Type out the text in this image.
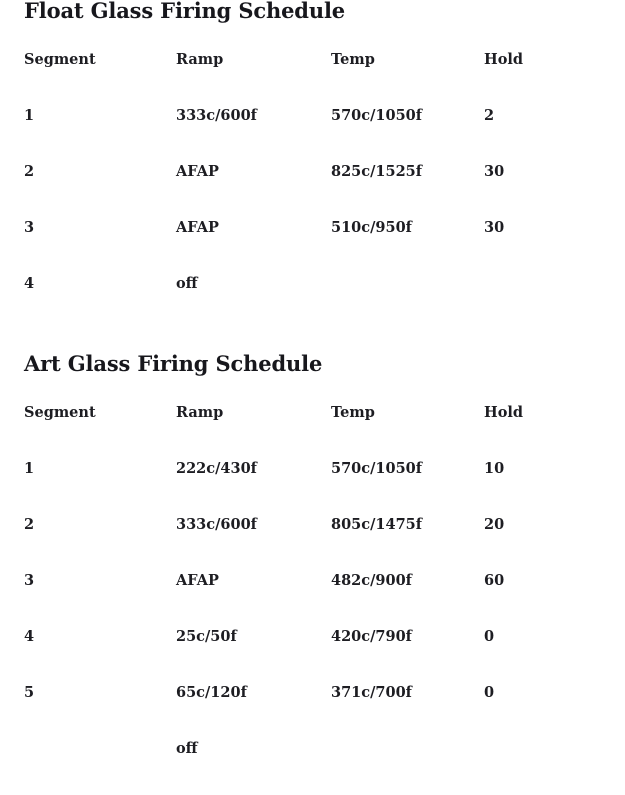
Float Glass Firing Schedule
Segment	Ramp	Temp	Hold
1	333c/600f	570c/1050f	2
2	AFAP	825c/1525f	30
3	AFAP	510c/950f	30
4	off		
Art Glass Firing Schedule
Segment	Ramp	Temp	Hold
1	222c/430f	570c/1050f	10
2	333c/600f	805c/1475f	20
3	AFAP	482c/900f	60
4	25c/50f	420c/790f	0
5	65c/120f	371c/700f	0
	off		
